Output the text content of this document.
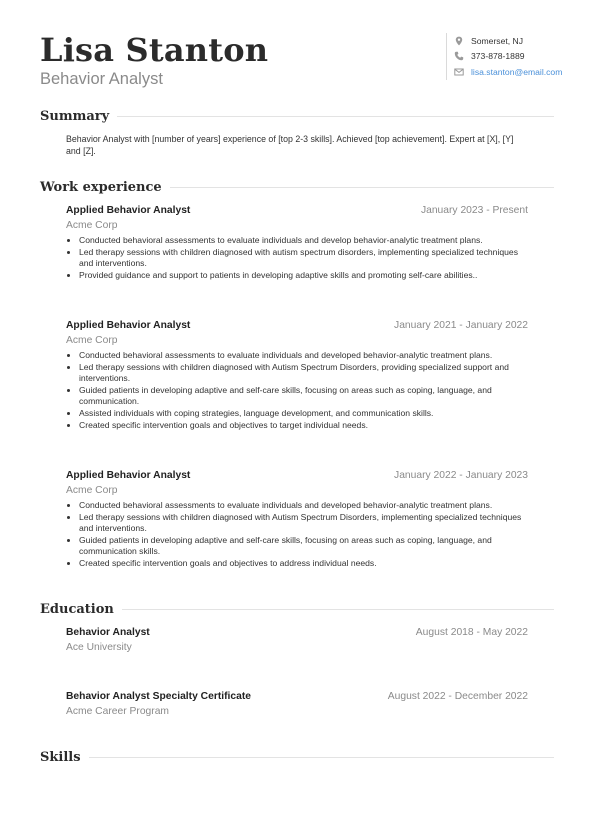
Lisa Stanton
Behavior Analyst
Somerset, NJ
373-878-1889
lisa.stanton@email.com
Summary
Behavior Analyst with [number of years] experience of [top 2-3 skills]. Achieved [top achievement]. Expert at [X], [Y] and [Z].
Work experience
Applied Behavior Analyst	January 2023 - Present
Acme Corp
• Conducted behavioral assessments to evaluate individuals and develop behavior-analytic treatment plans.
• Led therapy sessions with children diagnosed with autism spectrum disorders, implementing specialized techniques and interventions.
• Provided guidance and support to patients in developing adaptive skills and promoting self-care abilities..
Applied Behavior Analyst	January 2021 - January 2022
Acme Corp
• Conducted behavioral assessments to evaluate individuals and developed behavior-analytic treatment plans.
• Led therapy sessions with children diagnosed with Autism Spectrum Disorders, providing specialized support and interventions.
• Guided patients in developing adaptive and self-care skills, focusing on areas such as coping, language, and communication.
• Assisted individuals with coping strategies, language development, and communication skills.
• Created specific intervention goals and objectives to target individual needs.
Applied Behavior Analyst	January 2022 - January 2023
Acme Corp
• Conducted behavioral assessments to evaluate individuals and developed behavior-analytic treatment plans.
• Led therapy sessions with children diagnosed with Autism Spectrum Disorders, implementing specialized techniques and interventions.
• Guided patients in developing adaptive and self-care skills, focusing on areas such as coping, language, and communication skills.
• Created specific intervention goals and objectives to address individual needs.
Education
Behavior Analyst	August 2018 - May 2022
Ace University
Behavior Analyst Specialty Certificate	August 2022 - December 2022
Acme Career Program
Skills
